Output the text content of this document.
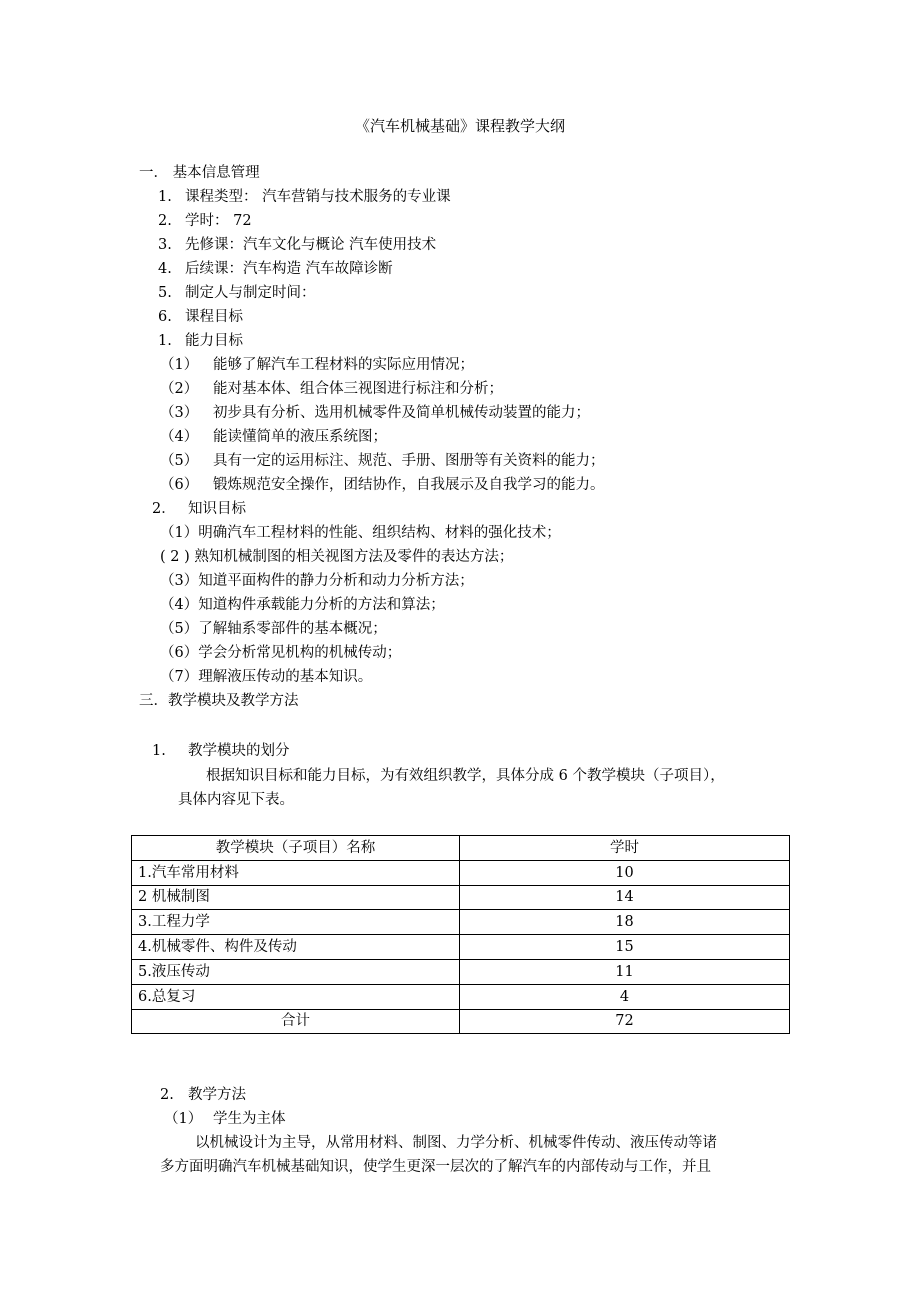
《汽车机械基础》课程教学大纲
一． 基本信息管理
1. 课程类型： 汽车营销与技术服务的专业课
2. 学时： 72
3. 先修课：汽车文化与概论 汽车使用技术
4. 后续课：汽车构造 汽车故障诊断
5. 制定人与制定时间：
6. 课程目标
1. 能力目标
（1） 能够了解汽车工程材料的实际应用情况；
（2） 能对基本体、组合体三视图进行标注和分析；
（3） 初步具有分析、选用机械零件及简单机械传动装置的能力；
（4） 能读懂简单的液压系统图；
（5） 具有一定的运用标注、规范、手册、图册等有关资料的能力；
（6） 锻炼规范安全操作，团结协作，自我展示及自我学习的能力。
2． 知识目标
（1）明确汽车工程材料的性能、组织结构、材料的强化技术；
( 2 ) 熟知机械制图的相关视图方法及零件的表达方法；
（3）知道平面构件的静力分析和动力分析方法；
（4）知道构件承载能力分析的方法和算法；
（5）了解轴系零部件的基本概况；
（6）学会分析常见机构的机械传动；
（7）理解液压传动的基本知识。
三．教学模块及教学方法
1. 教学模块的划分
根据知识目标和能力目标，为有效组织教学，具体分成 6 个教学模块（子项目），
具体内容见下表。
教学模块（子项目）名称	学时
1.汽车常用材料	10
2 机械制图	14
3.工程力学	18
4.机械零件、构件及传动	15
5.液压传动	11
6.总复习	4
合计	72
2. 教学方法
（1） 学生为主体
以机械设计为主导，从常用材料、制图、力学分析、机械零件传动、液压传动等诸
多方面明确汽车机械基础知识，使学生更深一层次的了解汽车的内部传动与工作，并且
